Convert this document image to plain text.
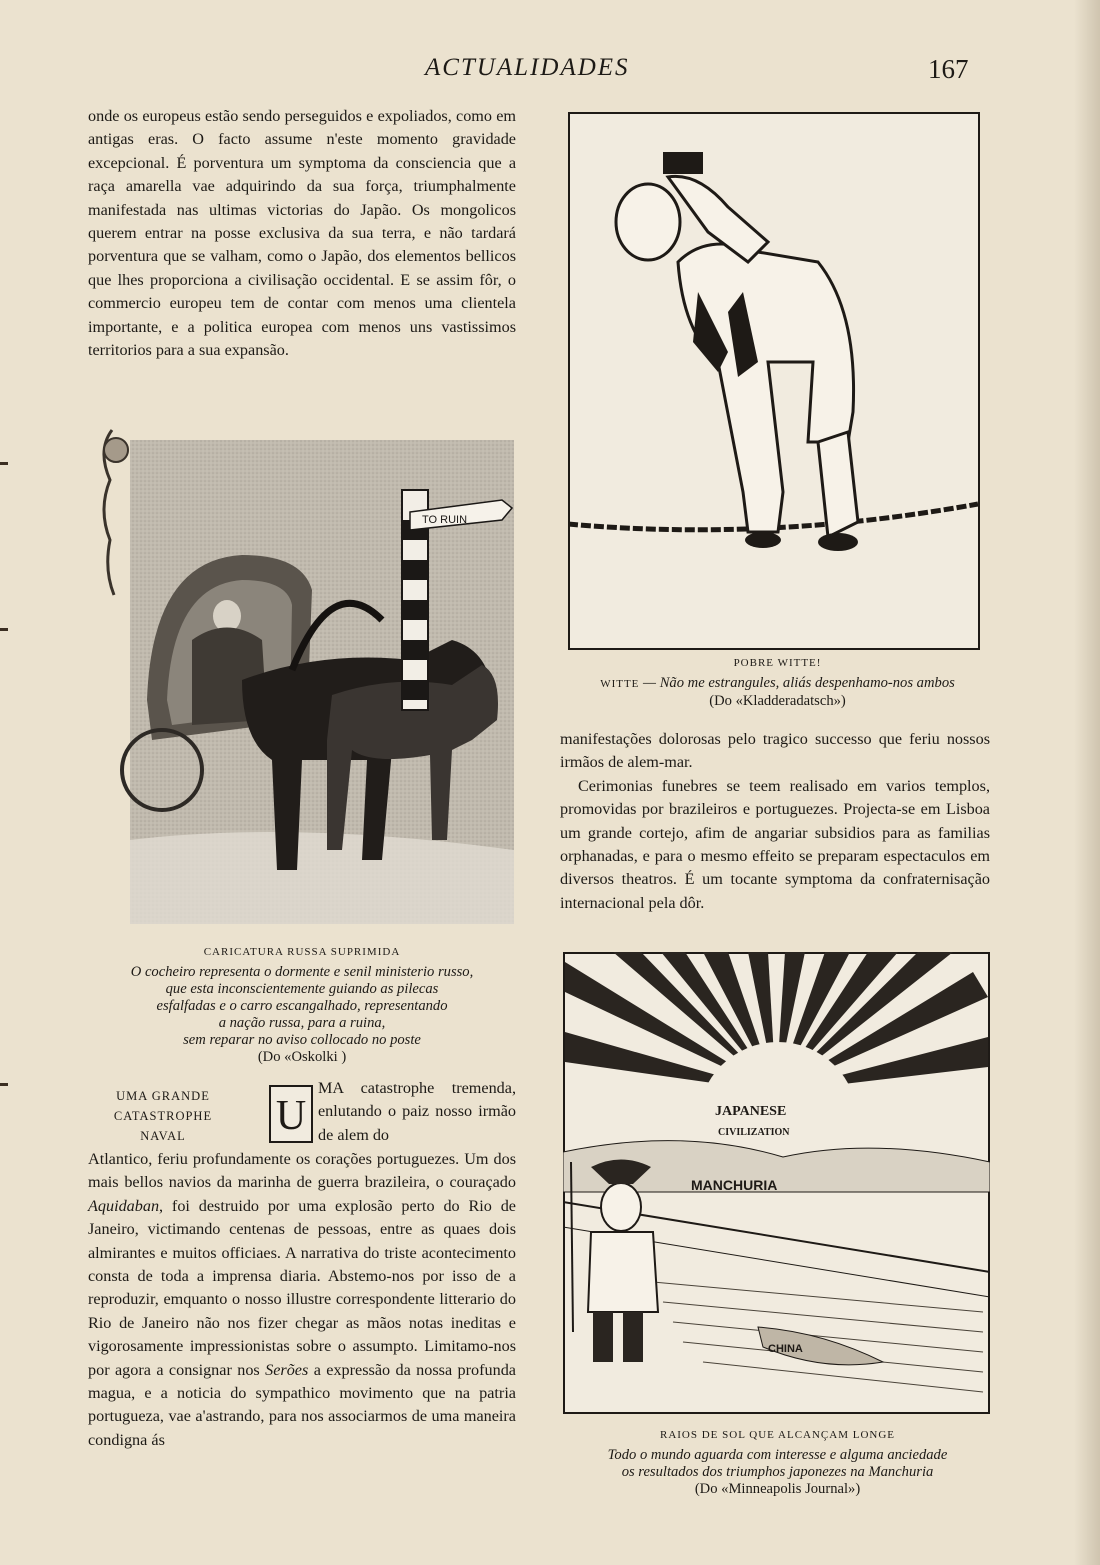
ACTUALIDADES	167

onde os europeus estão sendo perseguidos e expoliados, como em antigas eras. O facto assume n'este momento gravidade excepcional. É porventura um symptoma da consciencia que a raça amarella vae adquirindo da sua força, triumphalmente manifestada nas ultimas victorias do Japão. Os mongolicos querem entrar na posse exclusiva da sua terra, e não tardará porventura que se valham, como o Japão, dos elementos bellicos que lhes proporciona a civilisação occidental. E se assim fôr, o commercio europeu tem de contar com menos uma clientela importante, e a politica europea com menos uns vastissimos territorios para a sua expansão.

TO RUIN
CARICATURA RUSSA SUPRIMIDA
O cocheiro representa o dormente e senil ministerio russo,
que esta inconscientemente guiando as pilecas
esfalfadas e o carro escangalhado, representando
a nação russa, para a ruina,
sem reparar no aviso collocado no poste
(Do «Oskolki )
POBRE WITTE!
WITTE — Não me estrangules, aliás despenhamo-nos ambos
(Do «Kladderadatsch»)

manifestações dolorosas pelo tragico successo que feriu nossos irmãos de alem-mar.

Cerimonias funebres se teem realisado em varios templos, promovidas por brazileiros e portuguezes. Projecta-se em Lisboa um grande cortejo, afim de angariar subsidios para as familias orphanadas, e para o mesmo effeito se preparam espectaculos em diversos theatros. É um tocante symptoma da confraternisação internacional pela dôr.

JAPANESE
CIVILIZATION
MANCHURIA
CHINA
RAIOS DE SOL QUE ALCANÇAM LONGE
Todo o mundo aguarda com interesse e alguma anciedade
os resultados dos triumphos japonezes na Manchuria
(Do «Minneapolis Journal»)
UMA GRANDE
CATASTROPHE
NAVAL	U

MA catastrophe tremenda, enlutando o paiz nosso irmão de alem do

Atlantico, feriu profundamente os corações portuguezes. Um dos mais bellos navios da marinha de guerra brazileira, o couraçado Aquidaban, foi destruido por uma explosão perto do Rio de Janeiro, victimando centenas de pessoas, entre as quaes dois almirantes e muitos officiaes. A narrativa do triste acontecimento consta de toda a imprensa diaria. Abstemo-nos por isso de a reproduzir, emquanto o nosso illustre correspondente litterario do Rio de Janeiro não nos fizer chegar as mãos notas ineditas e vigorosamente impressionistas sobre o assumpto. Limitamo-nos por agora a consignar nos Serões a expressão da nossa profunda magua, e a noticia do sympathico movimento que na patria portugueza, vae a'astrando, para nos associarmos de uma maneira condigna ás
